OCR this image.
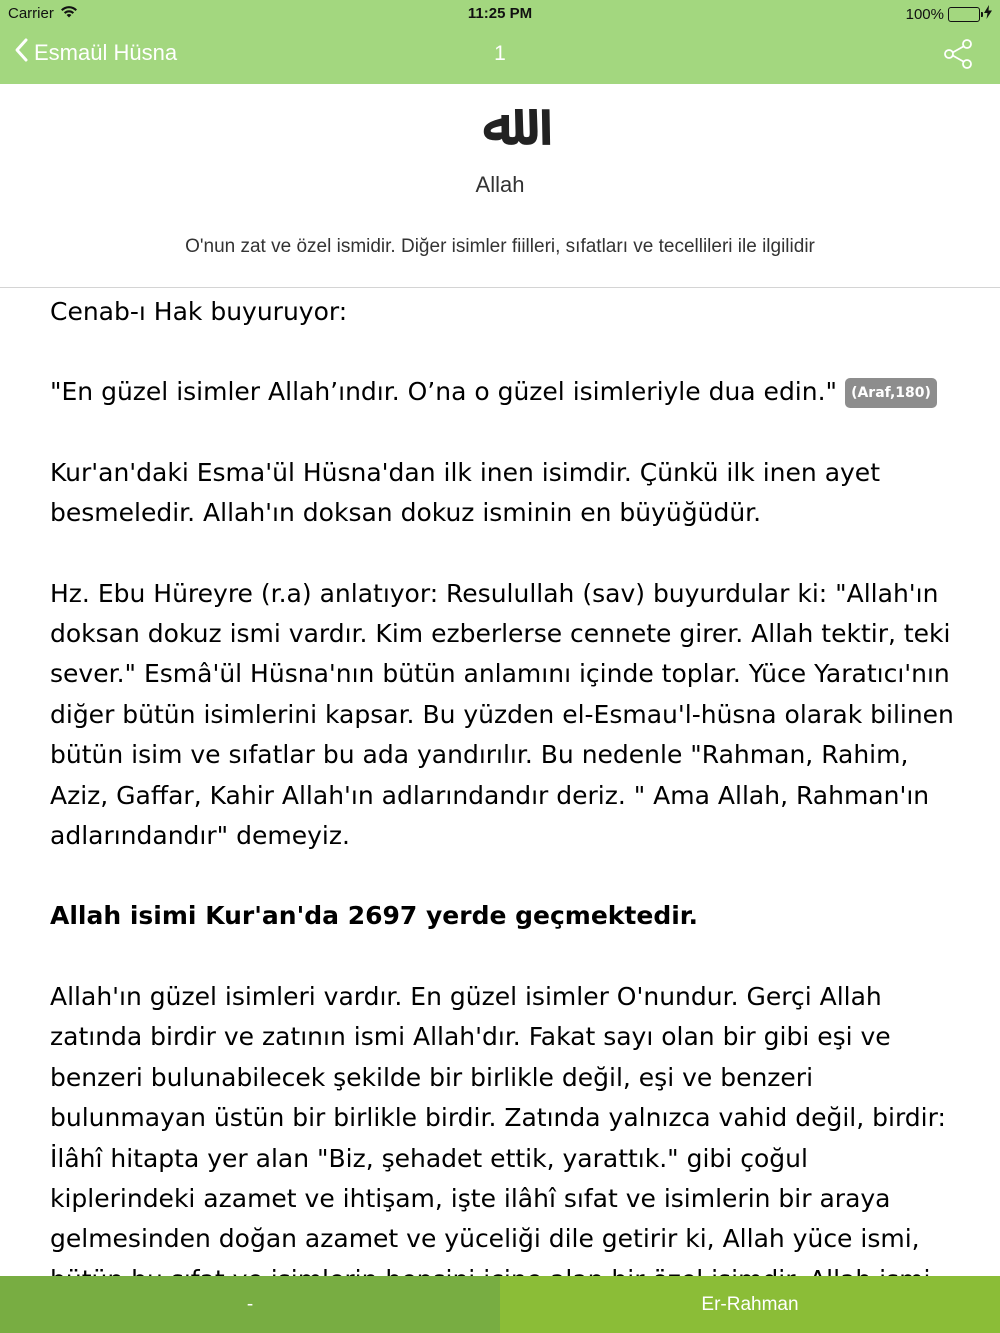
Carrier	11:25 PM	100%
Esmaül Hüsna	1
ﷲ
Allah
O'nun zat ve özel ismidir. Diğer isimler fiilleri, sıfatları ve tecellileri ile ilgilidir

Cenab-ı Hak buyuruyor:

"En güzel isimler Allah’ındır. O’na o güzel isimleriyle dua edin." (Araf,180)

Kur'an'daki Esma'ül Hüsna'dan ilk inen isimdir. Çünkü ilk inen ayet besmeledir. Allah'ın doksan dokuz isminin en büyüğüdür.

Hz. Ebu Hüreyre (r.a) anlatıyor: Resulullah (sav) buyurdular ki: "Allah'ın doksan dokuz ismi vardır. Kim ezberlerse cennete girer. Allah tektir, teki sever." Esmâ'ül Hüsna'nın bütün anlamını içinde toplar. Yüce Yaratıcı'nın diğer bütün isimlerini kapsar. Bu yüzden el-Esmau'l-hüsna olarak bilinen bütün isim ve sıfatlar bu ada yandırılır. Bu nedenle "Rahman, Rahim, Aziz, Gaffar, Kahir Allah'ın adlarındandır deriz. " Ama Allah, Rahman'ın adlarındandır" demeyiz.

Allah isimi Kur'an'da 2697 yerde geçmektedir.

Allah'ın güzel isimleri vardır. En güzel isimler O'nundur. Gerçi Allah zatında birdir ve zatının ismi Allah'dır. Fakat sayı olan bir gibi eşi ve benzeri bulunabilecek şekilde bir birlikle değil, eşi ve benzeri bulunmayan üstün bir birlikle birdir. Zatında yalnızca vahid değil, birdir: İlâhî hitapta yer alan "Biz, şehadet ettik, yarattık." gibi çoğul kiplerindeki azamet ve ihtişam, işte ilâhî sıfat ve isimlerin bir araya gelmesinden doğan azamet ve yüceliği dile getirir ki, Allah yüce ismi,

-	Er-Rahman
